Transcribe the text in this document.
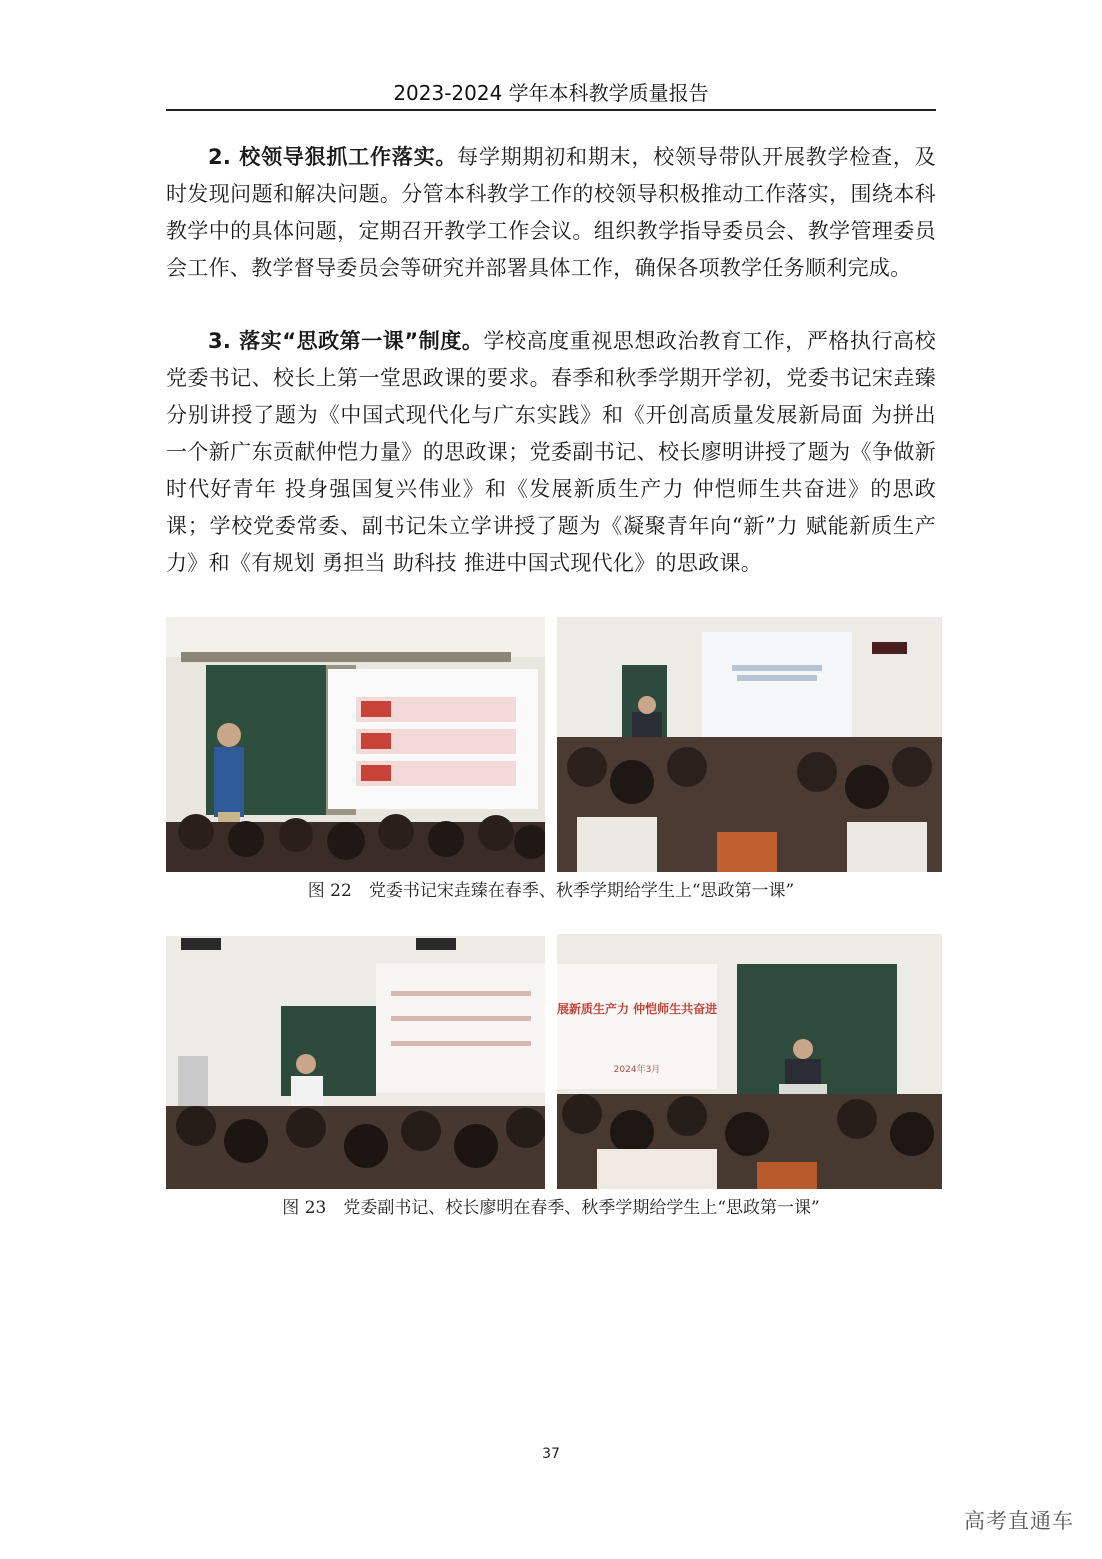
2023-2024 学年本科教学质量报告

2. 校领导狠抓工作落实。每学期期初和期末，校领导带队开展教学检查，及时发现问题和解决问题。分管本科教学工作的校领导积极推动工作落实，围绕本科教学中的具体问题，定期召开教学工作会议。组织教学指导委员会、教学管理委员会工作、教学督导委员会等研究并部署具体工作，确保各项教学任务顺利完成。

3. 落实“思政第一课”制度。学校高度重视思想政治教育工作，严格执行高校党委书记、校长上第一堂思政课的要求。春季和秋季学期开学初，党委书记宋垚臻分别讲授了题为《中国式现代化与广东实践》和《开创高质量发展新局面 为拼出一个新广东贡献仲恺力量》的思政课；党委副书记、校长廖明讲授了题为《争做新时代好青年 投身强国复兴伟业》和《发展新质生产力 仲恺师生共奋进》的思政课；学校党委常委、副书记朱立学讲授了题为《凝聚青年向“新”力 赋能新质生产力》和《有规划 勇担当 助科技 推进中国式现代化》的思政课。

图 22　党委书记宋垚臻在春季、秋季学期给学生上“思政第一课”
展新质生产力 仲恺师生共奋进
2024年3月
图 23　党委副书记、校长廖明在春季、秋季学期给学生上“思政第一课”
37
高考直通车
